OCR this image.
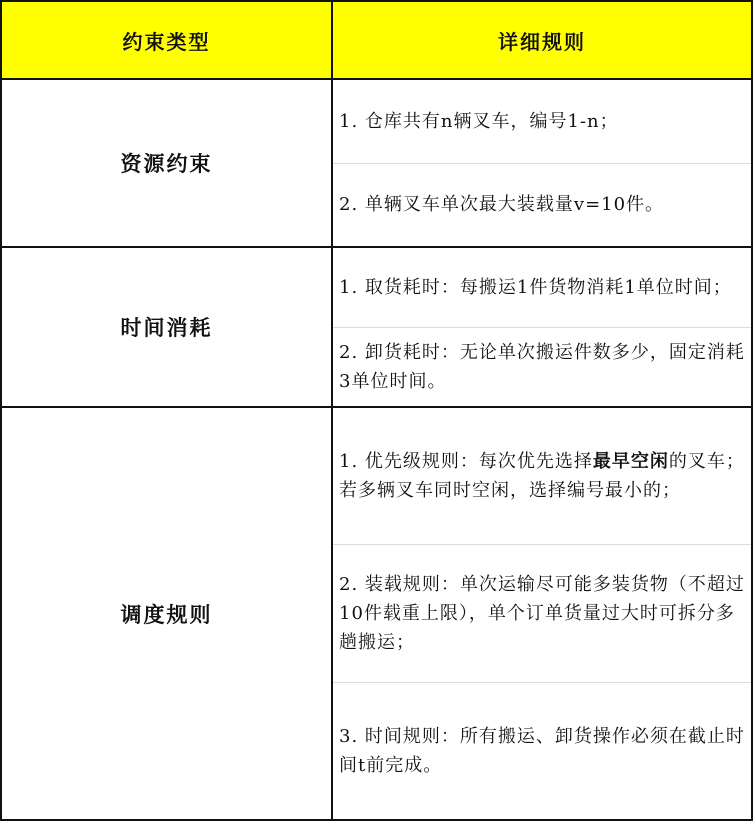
约束类型	详细规则
资源约束
1. 仓库共有n辆叉车，编号1-n；
2. 单辆叉车单次最大装载量v=10件。
时间消耗
1. 取货耗时：每搬运1件货物消耗1单位时间；
2. 卸货耗时：无论单次搬运件数多少，固定消耗3单位时间。
调度规则
1. 优先级规则：每次优先选择最早空闲的叉车；若多辆叉车同时空闲，选择编号最小的；
2. 装载规则：单次运输尽可能多装货物（不超过10件载重上限），单个订单货量过大时可拆分多趟搬运；
3. 时间规则：所有搬运、卸货操作必须在截止时间t前完成。
